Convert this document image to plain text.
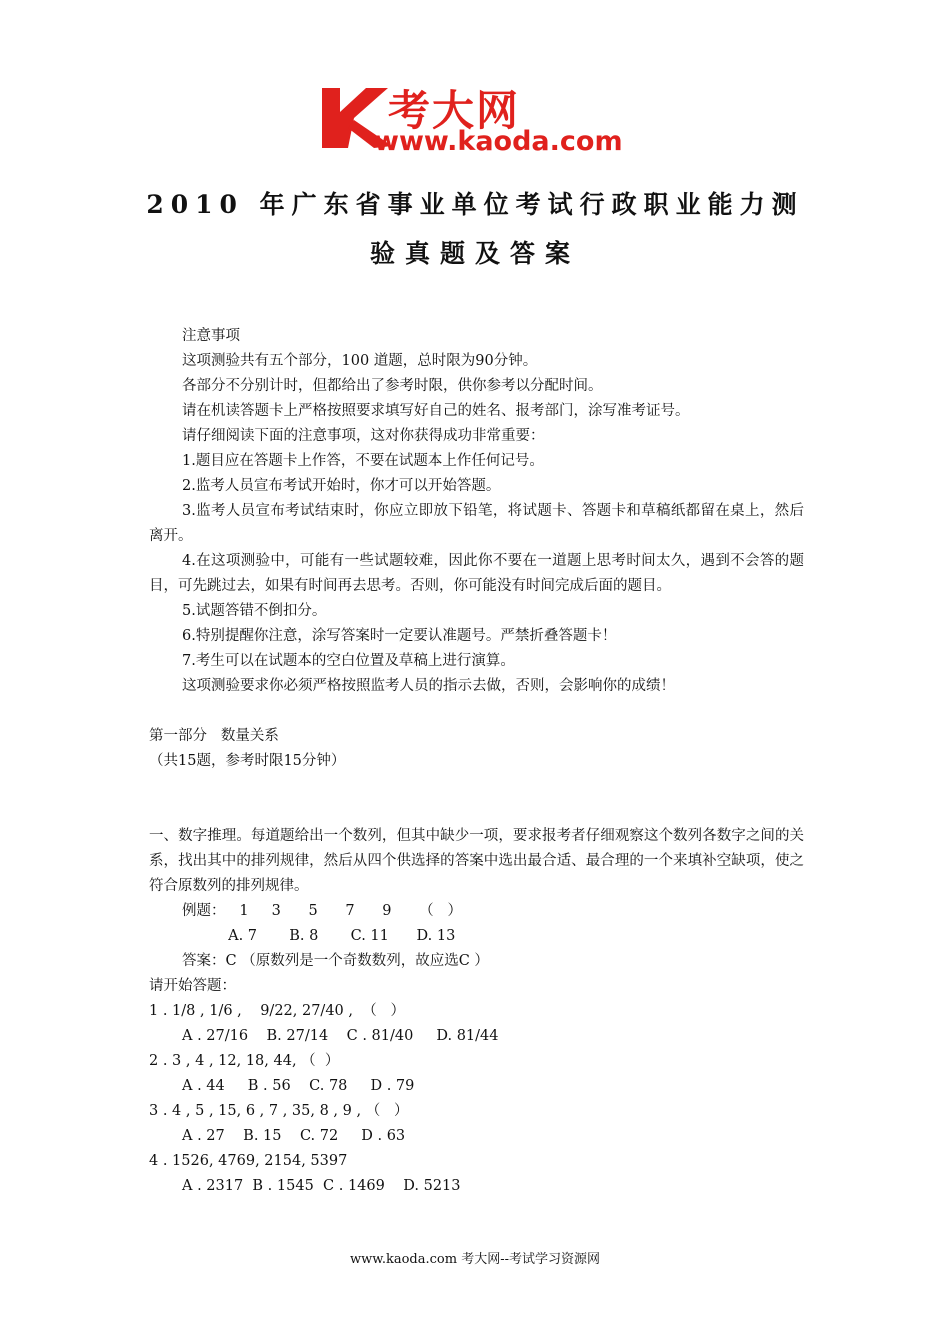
考大网
www.kaoda.com
2010 年广东省事业单位考试行政职业能力测
验真题及答案

注意事项

这项测验共有五个部分，100 道题，总时限为90分钟。

各部分不分别计时，但都给出了参考时限，供你参考以分配时间。

请在机读答题卡上严格按照要求填写好自己的姓名、报考部门，涂写准考证号。

请仔细阅读下面的注意事项，这对你获得成功非常重要：

1.题目应在答题卡上作答，不要在试题本上作任何记号。

2.监考人员宣布考试开始时，你才可以开始答题。

3.监考人员宣布考试结束时，你应立即放下铅笔，将试题卡、答题卡和草稿纸都留在桌上，然后离开。

4.在这项测验中，可能有一些试题较难，因此你不要在一道题上思考时间太久，遇到不会答的题目，可先跳过去，如果有时间再去思考。否则，你可能没有时间完成后面的题目。

5.试题答错不倒扣分。

6.特别提醒你注意，涂写答案时一定要认准题号。严禁折叠答题卡！

7.考生可以在试题本的空白位置及草稿上进行演算。

这项测验要求你必须严格按照监考人员的指示去做，否则，会影响你的成绩！

第一部分   数量关系

（共15题，参考时限15分钟）

一、数字推理。每道题给出一个数列，但其中缺少一项，要求报考者仔细观察这个数列各数字之间的关系，找出其中的排列规律，然后从四个供选择的答案中选出最合适、最合理的一个来填补空缺项，使之符合原数列的排列规律。

例题：   1     3      5      7      9      （   ）

A. 7       B. 8       C. 11      D. 13

答案：C （原数列是一个奇数数列，故应选C ）

请开始答题：

1 . 1/8 , 1/6 ,    9/22, 27/40 ,  （   ）

A . 27/16    B. 27/14    C . 81/40     D. 81/44

2 . 3 , 4 , 12, 18, 44, （  ）

A . 44     B . 56    C. 78     D . 79

3 . 4 , 5 , 15, 6 , 7 , 35, 8 , 9 , （   ）

A . 27    B. 15    C. 72     D . 63

4 . 1526, 4769, 2154, 5397

A . 2317  B . 1545  C . 1469    D. 5213

www.kaoda.com 考大网--考试学习资源网
